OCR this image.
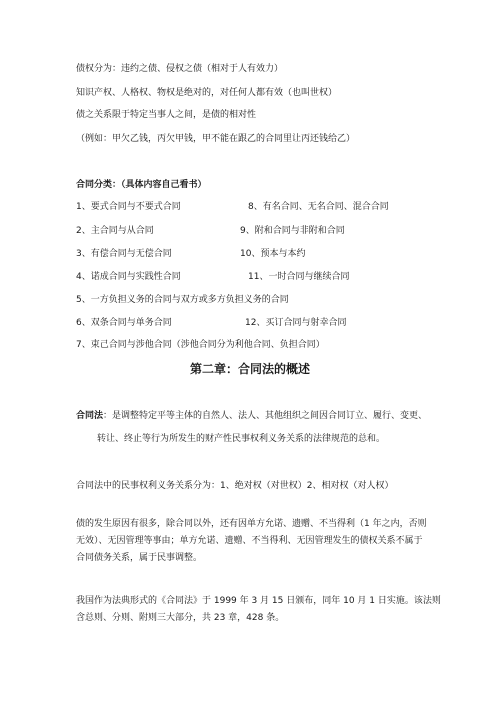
债权分为：违约之债、侵权之债（相对于人有效力）
知识产权、人格权、物权是绝对的，对任何人都有效（也叫世权）
债之关系限于特定当事人之间，是债的相对性
（例如：甲欠乙钱，丙欠甲钱，甲不能在跟乙的合同里让丙还钱给乙）
合同分类：（具体内容自己看书）
1、要式合同与不要式合同
2、主合同与从合同
3、有偿合同与无偿合同
4、诺成合同与实践性合同
5、一方负担义务的合同与双方或多方负担义务的合同
6、双条合同与单务合同
7、束己合同与涉他合同（涉他合同分为利他合同、负担合同）
8、有名合同、无名合同、混合合同
9、附和合同与非附和合同
10、预本与本约
11、一时合同与继续合同
12、买订合同与射幸合同
第二章：合同法的概述
合同法：是调整特定平等主体的自然人、法人、其他组织之间因合同订立、履行、变更、
转让、终止等行为所发生的财产性民事权利义务关系的法律规范的总和。
合同法中的民事权利义务关系分为：1、绝对权（对世权）2、相对权（对人权）
债的发生原因有很多，除合同以外，还有因单方允诺、遗赠、不当得利（1 年之内，否则
无效）、无因管理等事由；单方允诺、遗赠、不当得利、无因管理发生的债权关系不属于
合同债务关系，属于民事调整。
我国作为法典形式的《合同法》于 1999 年 3 月 15 日颁布，同年 10 月 1 日实施。该法则
含总则、分则、附则三大部分，共 23 章，428 条。
